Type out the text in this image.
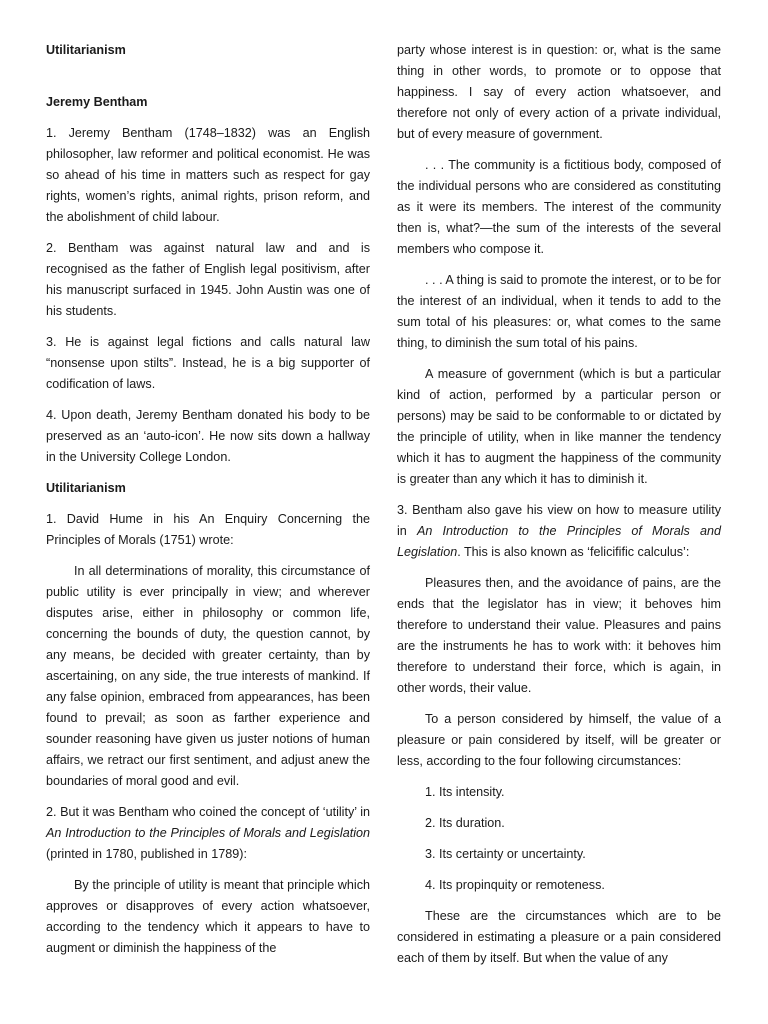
Utilitarianism

Jeremy Bentham

1. Jeremy Bentham (1748–1832) was an English philosopher, law reformer and political economist. He was so ahead of his time in matters such as respect for gay rights, women’s rights, animal rights, prison reform, and the abolishment of child labour.

2. Bentham was against natural law and and is recognised as the father of English legal positivism, after his manuscript surfaced in 1945. John Austin was one of his students.

3. He is against legal fictions and calls natural law “nonsense upon stilts”. Instead, he is a big supporter of codification of laws.

4. Upon death, Jeremy Bentham donated his body to be preserved as an ‘auto-icon’. He now sits down a hallway in the University College London.

Utilitarianism

1. David Hume in his An Enquiry Concerning the Principles of Morals (1751) wrote:

In all determinations of morality, this circumstance of public utility is ever principally in view; and wherever disputes arise, either in philosophy or common life, concerning the bounds of duty, the question cannot, by any means, be decided with greater certainty, than by ascertaining, on any side, the true interests of mankind. If any false opinion, embraced from appearances, has been found to prevail; as soon as farther experience and sounder reasoning have given us juster notions of human affairs, we retract our first sentiment, and adjust anew the boundaries of moral good and evil.

2. But it was Bentham who coined the concept of ‘utility’ in An Introduction to the Principles of Morals and Legislation (printed in 1780, published in 1789):

By the principle of utility is meant that principle which approves or disapproves of every action whatsoever, according to the tendency which it appears to have to augment or diminish the happiness of the

party whose interest is in question: or, what is the same thing in other words, to promote or to oppose that happiness. I say of every action whatsoever, and therefore not only of every action of a private individual, but of every measure of government.

. . . The community is a fictitious body, composed of the individual persons who are considered as constituting as it were its members. The interest of the community then is, what?—the sum of the interests of the several members who compose it.

. . . A thing is said to promote the interest, or to be for the interest of an individual, when it tends to add to the sum total of his pleasures: or, what comes to the same thing, to diminish the sum total of his pains.

A measure of government (which is but a particular kind of action, performed by a particular person or persons) may be said to be conformable to or dictated by the principle of utility, when in like manner the tendency which it has to augment the happiness of the community is greater than any which it has to diminish it.

3. Bentham also gave his view on how to measure utility in An Introduction to the Principles of Morals and Legislation. This is also known as ‘felicifific calculus’:

Pleasures then, and the avoidance of pains, are the ends that the legislator has in view; it behoves him therefore to understand their value. Pleasures and pains are the instruments he has to work with: it behoves him therefore to understand their force, which is again, in other words, their value.

To a person considered by himself, the value of a pleasure or pain considered by itself, will be greater or less, according to the four following circumstances:

1. Its intensity.

2. Its duration.

3. Its certainty or uncertainty.

4. Its propinquity or remoteness.

These are the circumstances which are to be considered in estimating a pleasure or a pain considered each of them by itself. But when the value of any
